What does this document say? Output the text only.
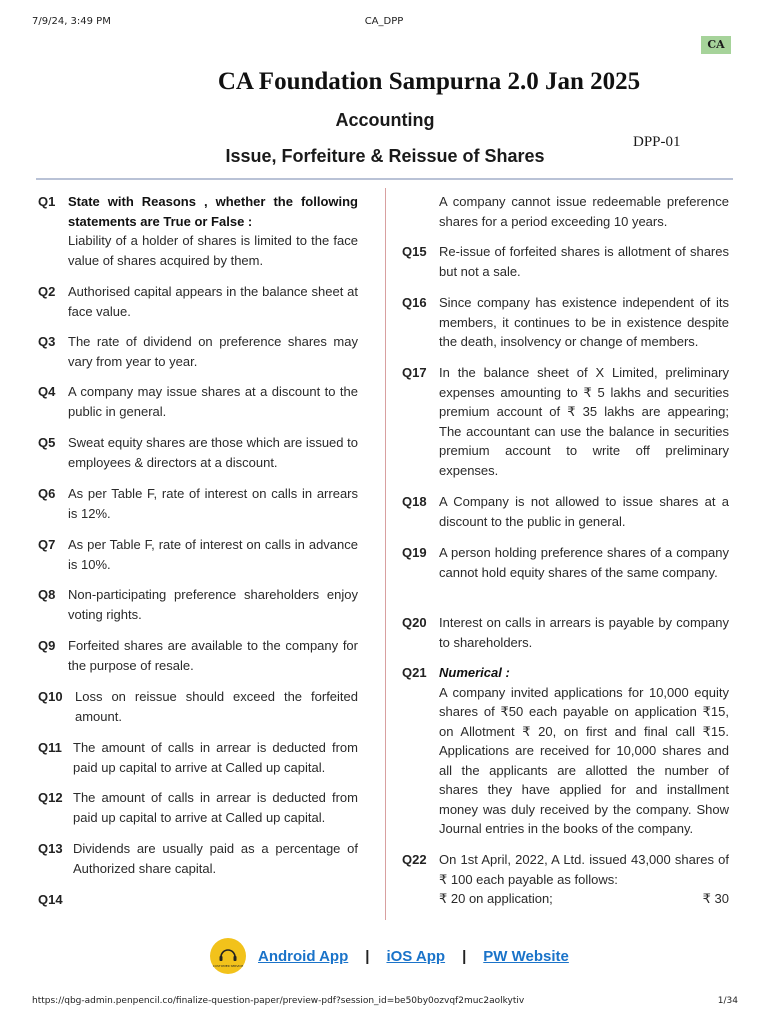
7/9/24, 3:49 PM	CA_DPP
CA
CA Foundation Sampurna 2.0 Jan 2025
Accounting
DPP-01
Issue, Forfeiture & Reissue of Shares
Q1 State with Reasons , whether the following statements are True or False :
Liability of a holder of shares is limited to the face value of shares acquired by them.
Q2 Authorised capital appears in the balance sheet at face value.
Q3 The rate of dividend on preference shares may vary from year to year.
Q4 A company may issue shares at a discount to the public in general.
Q5 Sweat equity shares are those which are issued to employees & directors at a discount.
Q6 As per Table F, rate of interest on calls in arrears is 12%.
Q7 As per Table F, rate of interest on calls in advance is 10%.
Q8 Non-participating preference shareholders enjoy voting rights.
Q9 Forfeited shares are available to the company for the purpose of resale.
Q10 Loss on reissue should exceed the forfeited amount.
Q11 The amount of calls in arrear is deducted from paid up capital to arrive at Called up capital.
Q12 The amount of calls in arrear is deducted from paid up capital to arrive at Called up capital.
Q13 Dividends are usually paid as a percentage of Authorized share capital.
Q14
A company cannot issue redeemable preference shares for a period exceeding 10 years.
Q15 Re-issue of forfeited shares is allotment of shares but not a sale.
Q16 Since company has existence independent of its members, it continues to be in existence despite the death, insolvency or change of members.
Q17 In the balance sheet of X Limited, preliminary expenses amounting to ₹ 5 lakhs and securities premium account of ₹ 35 lakhs are appearing; The accountant can use the balance in securities premium account to write off preliminary expenses.
Q18 A Company is not allowed to issue shares at a discount to the public in general.
Q19 A person holding preference shares of a company cannot hold equity shares of the same company.
Q20 Interest on calls in arrears is payable by company to shareholders.
Q21 Numerical :
A company invited applications for 10,000 equity shares of ₹50 each payable on application ₹15, on Allotment ₹ 20, on first and final call ₹15. Applications are received for 10,000 shares and all the applicants are allotted the number of shares they have applied for and installment money was duly received by the company. Show Journal entries in the books of the company.
Q22 On 1st April, 2022, A Ltd. issued 43,000 shares of ₹ 100 each payable as follows:
₹ 20 on application;	₹ 30
CUSTOMER SERVICE
Android App | iOS App | PW Website
https://qbg-admin.penpencil.co/finalize-question-paper/preview-pdf?session_id=be50by0ozvqf2muc2aolkytiv	1/34
